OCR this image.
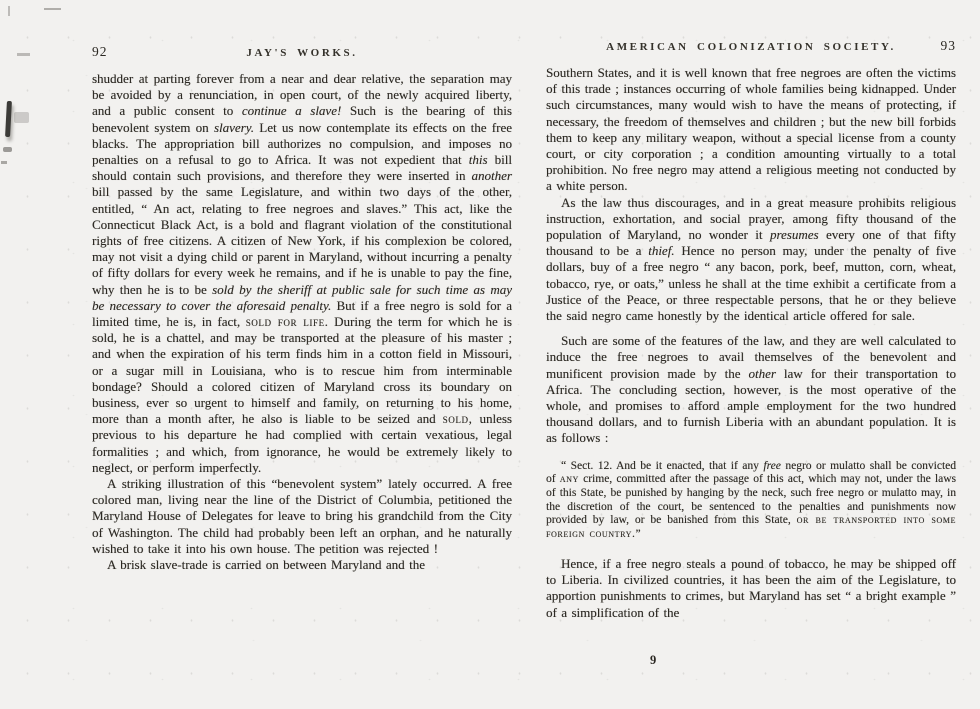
92	JAY'S WORKS.

shudder at parting forever from a near and dear relative, the separation may be avoided by a renunciation, in open court, of the newly acquired liberty, and a public consent to continue a slave! Such is the bearing of this benevolent system on slavery. Let us now contemplate its effects on the free blacks. The appropriation bill authorizes no compulsion, and imposes no penalties on a refusal to go to Africa. It was not expedient that this bill should contain such provisions, and therefore they were inserted in another bill passed by the same Legislature, and within two days of the other, entitled, “ An act, relating to free negroes and slaves.” This act, like the Connecticut Black Act, is a bold and flagrant violation of the constitutional rights of free citizens. A citizen of New York, if his complexion be colored, may not visit a dying child or parent in Maryland, without incurring a penalty of fifty dollars for every week he remains, and if he is unable to pay the fine, why then he is to be sold by the sheriff at public sale for such time as may be necessary to cover the aforesaid penalty. But if a free negro is sold for a limited time, he is, in fact, sold for life. During the term for which he is sold, he is a chattel, and may be transported at the pleasure of his master ; and when the expiration of his term finds him in a cotton field in Missouri, or a sugar mill in Louisiana, who is to rescue him from interminable bondage? Should a colored citizen of Maryland cross its boundary on business, ever so urgent to himself and family, on returning to his home, more than a month after, he also is liable to be seized and sold, unless previous to his departure he had complied with certain vexatious, legal formalities ; and which, from ignorance, he would be extremely likely to neglect, or perform imperfectly.

A striking illustration of this “benevolent system” lately occurred. A free colored man, living near the line of the District of Columbia, petitioned the Maryland House of Delegates for leave to bring his grandchild from the City of Washington. The child had probably been left an orphan, and he naturally wished to take it into his own house. The petition was rejected !

A brisk slave-trade is carried on between Maryland and the

AMERICAN COLONIZATION SOCIETY.	93

Southern States, and it is well known that free negroes are often the victims of this trade ; instances occurring of whole families being kidnapped. Under such circumstances, many would wish to have the means of protecting, if necessary, the freedom of themselves and children ; but the new bill forbids them to keep any military weapon, without a special license from a county court, or city corporation ; a condition amounting virtually to a total prohibition. No free negro may attend a religious meeting not conducted by a white person.

As the law thus discourages, and in a great measure prohibits religious instruction, exhortation, and social prayer, among fifty thousand of the population of Maryland, no wonder it presumes every one of that fifty thousand to be a thief. Hence no person may, under the penalty of five dollars, buy of a free negro “ any bacon, pork, beef, mutton, corn, wheat, tobacco, rye, or oats,” unless he shall at the time exhibit a certificate from a Justice of the Peace, or three respectable persons, that he or they believe the said negro came honestly by the identical article offered for sale.

Such are some of the features of the law, and they are well calculated to induce the free negroes to avail themselves of the benevolent and munificent provision made by the other law for their transportation to Africa. The concluding section, however, is the most operative of the whole, and promises to afford ample employment for the two hundred thousand dollars, and to furnish Liberia with an abundant population. It is as follows :

“ Sect. 12. And be it enacted, that if any free negro or mulatto shall be convicted of any crime, committed after the passage of this act, which may not, under the laws of this State, be punished by hanging by the neck, such free negro or mulatto may, in the discretion of the court, be sentenced to the penalties and punishments now provided by law, or be banished from this State, or be transported into some foreign country.”

Hence, if a free negro steals a pound of tobacco, he may be shipped off to Liberia. In civilized countries, it has been the aim of the Legislature, to apportion punishments to crimes, but Maryland has set “ a bright example ” of a simplification of the

9
